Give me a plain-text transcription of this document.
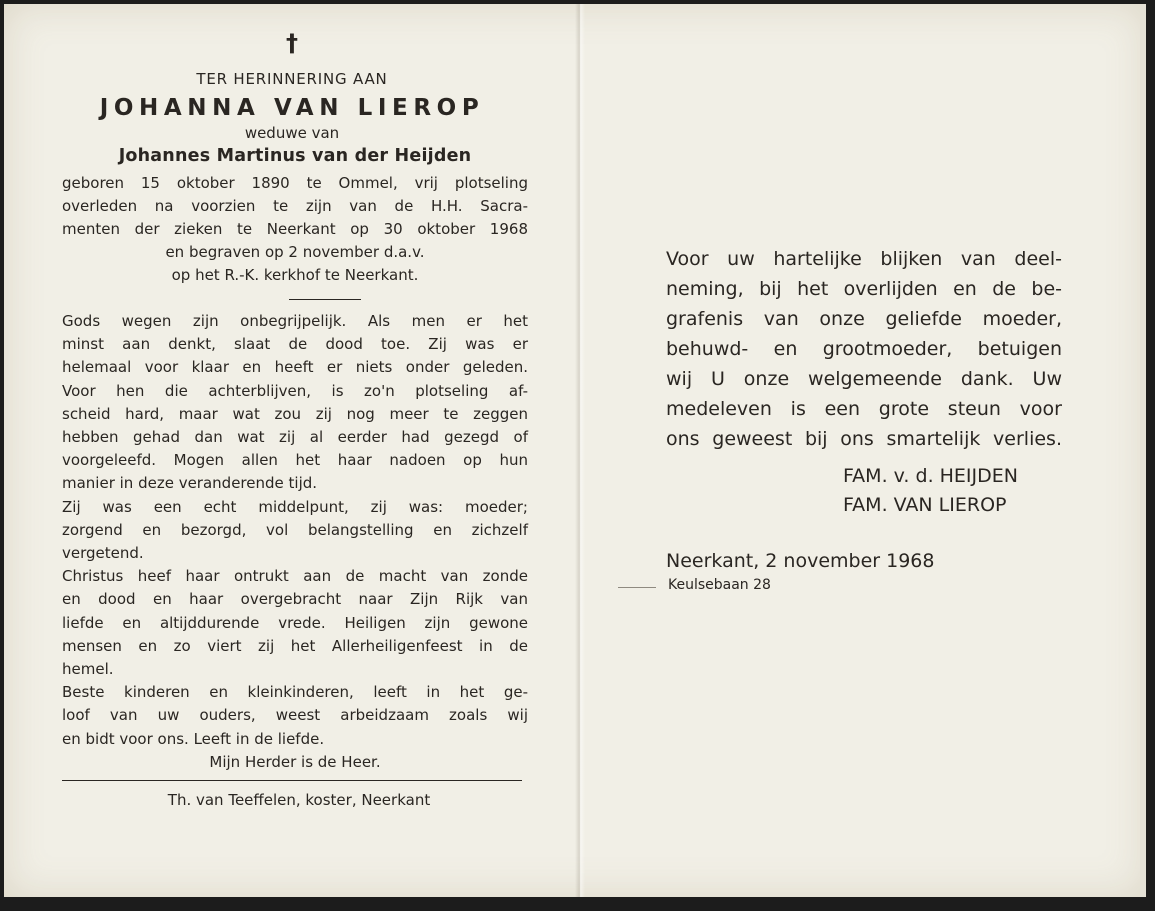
†
TER HERINNERING AAN
JOHANNA VAN LIEROP
weduwe van
Johannes Martinus van der Heijden
geboren 15 oktober 1890 te Ommel, vrij plotseling
overleden na voorzien te zijn van de H.H. Sacra-
menten der zieken te Neerkant op 30 oktober 1968
en begraven op 2 november d.a.v.
op het R.-K. kerkhof te Neerkant.
Gods wegen zijn onbegrijpelijk. Als men er het
minst aan denkt, slaat de dood toe. Zij was er
helemaal voor klaar en heeft er niets onder geleden.
Voor hen die achterblijven, is zo'n plotseling af-
scheid hard, maar wat zou zij nog meer te zeggen
hebben gehad dan wat zij al eerder had gezegd of
voorgeleefd. Mogen allen het haar nadoen op hun
manier in deze veranderende tijd.
Zij was een echt middelpunt, zij was: moeder;
zorgend en bezorgd, vol belangstelling en zichzelf
vergetend.
Christus heef haar ontrukt aan de macht van zonde
en dood en haar overgebracht naar Zijn Rijk van
liefde en altijddurende vrede. Heiligen zijn gewone
mensen en zo viert zij het Allerheiligenfeest in de
hemel.
Beste kinderen en kleinkinderen, leeft in het ge-
loof van uw ouders, weest arbeidzaam zoals wij
en bidt voor ons. Leeft in de liefde.
Mijn Herder is de Heer.
Th. van Teeffelen, koster, Neerkant
Voor uw hartelijke blijken van deel-
neming, bij het overlijden en de be-
grafenis van onze geliefde moeder,
behuwd- en grootmoeder, betuigen
wij U onze welgemeende dank. Uw
medeleven is een grote steun voor
ons geweest bij ons smartelijk verlies.
FAM. v. d. HEIJDEN
FAM. VAN LIEROP
Neerkant, 2 november 1968
Keulsebaan 28
